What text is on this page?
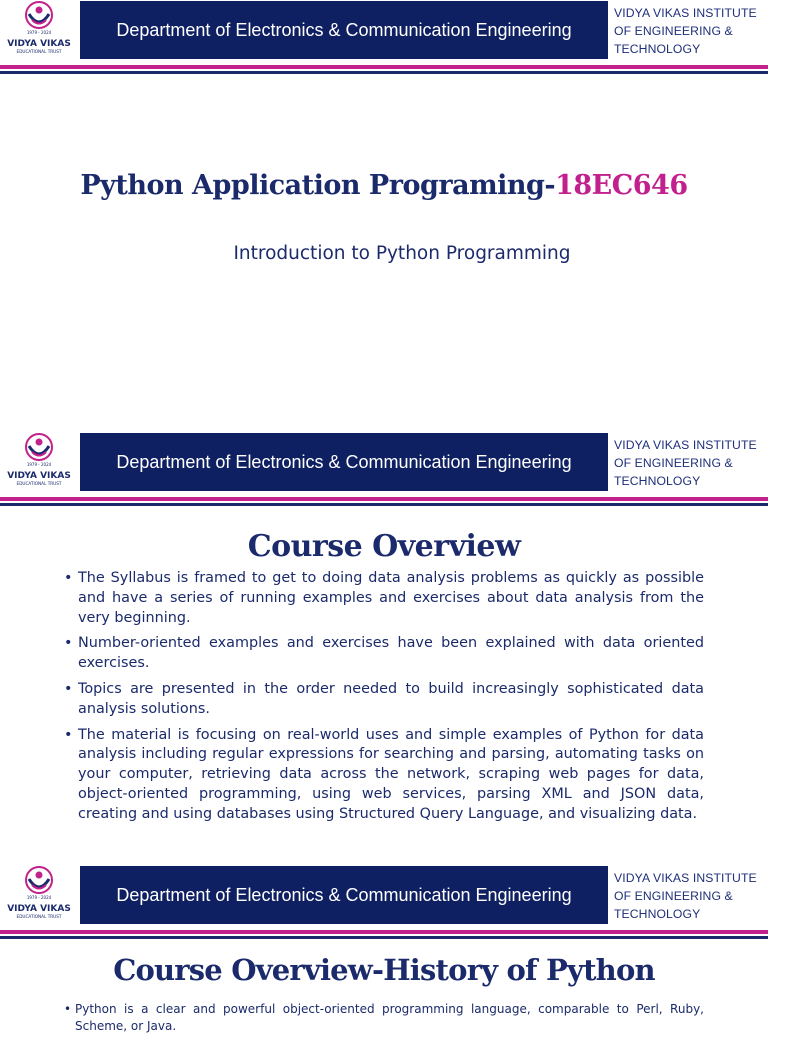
1979 - 2024
VIDYA VIKAS
EDUCATIONAL TRUST
Department of Electronics & Communication Engineering
VIDYA VIKAS INSTITUTE
OF ENGINEERING &
TECHNOLOGY
Python Application Programing-18EC646
Introduction to Python Programming
1979 - 2024
VIDYA VIKAS
EDUCATIONAL TRUST
Department of Electronics & Communication Engineering
VIDYA VIKAS INSTITUTE
OF ENGINEERING &
TECHNOLOGY
Course Overview
• The Syllabus is framed to get to doing data analysis problems as quickly as possible and have a series of running examples and exercises about data analysis from the very beginning.
• Number-oriented examples and exercises have been explained with data oriented exercises.
• Topics are presented in the order needed to build increasingly sophisticated data analysis solutions.
• The material is focusing on real-world uses and simple examples of Python for data analysis including regular expressions for searching and parsing, automating tasks on your computer, retrieving data across the network, scraping web pages for data, object-oriented programming, using web services, parsing XML and JSON data, creating and using databases using Structured Query Language, and visualizing data.
1979 - 2024
VIDYA VIKAS
EDUCATIONAL TRUST
Department of Electronics & Communication Engineering
VIDYA VIKAS INSTITUTE
OF ENGINEERING &
TECHNOLOGY
Course Overview-History of Python
• Python is a clear and powerful object-oriented programming language, comparable to Perl, Ruby, Scheme, or Java.
